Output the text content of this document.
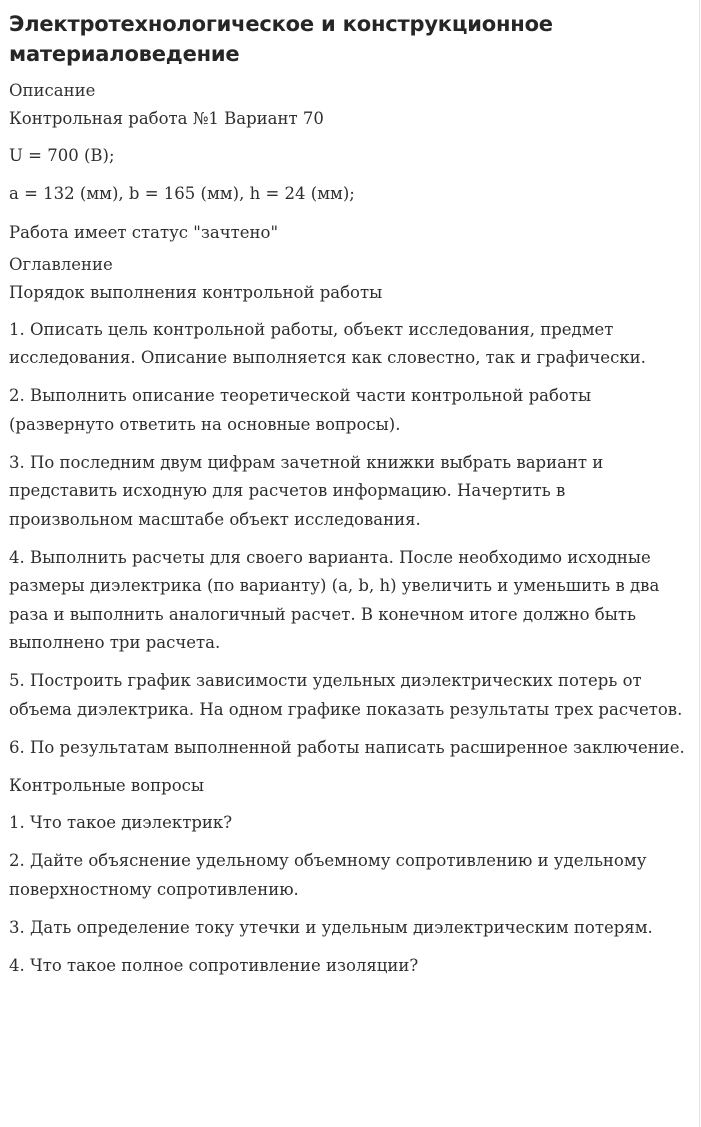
Электротехнологическое и конструкционное материаловедение
Описание

Контрольная работа №1 Вариант 70

U = 700 (В);

a = 132 (мм), b = 165 (мм), h = 24 (мм);

Работа имеет статус "зачтено"

Оглавление

Порядок выполнения контрольной работы

1. Описать цель контрольной работы, объект исследования, предмет исследования. Описание выполняется как словестно, так и графически.

2. Выполнить описание теоретической части контрольной работы (развернуто ответить на основные вопросы).

3. По последним двум цифрам зачетной книжки выбрать вариант и представить исходную для расчетов информацию. Начертить в произвольном масштабе объект исследования.

4. Выполнить расчеты для своего варианта. После необходимо исходные размеры диэлектрика (по варианту) (a, b, h) увеличить и уменьшить в два раза и выполнить аналогичный расчет. В конечном итоге должно быть выполнено три расчета.

5. Построить график зависимости удельных диэлектрических потерь от объема диэлектрика. На одном графике показать результаты трех расчетов.

6. По результатам выполненной работы написать расширенное заключение.

Контрольные вопросы

1. Что такое диэлектрик?

2. Дайте объяснение удельному объемному сопротивлению и удельному поверхностному сопротивлению.

3. Дать определение току утечки и удельным диэлектрическим потерям.

4. Что такое полное сопротивление изоляции?
